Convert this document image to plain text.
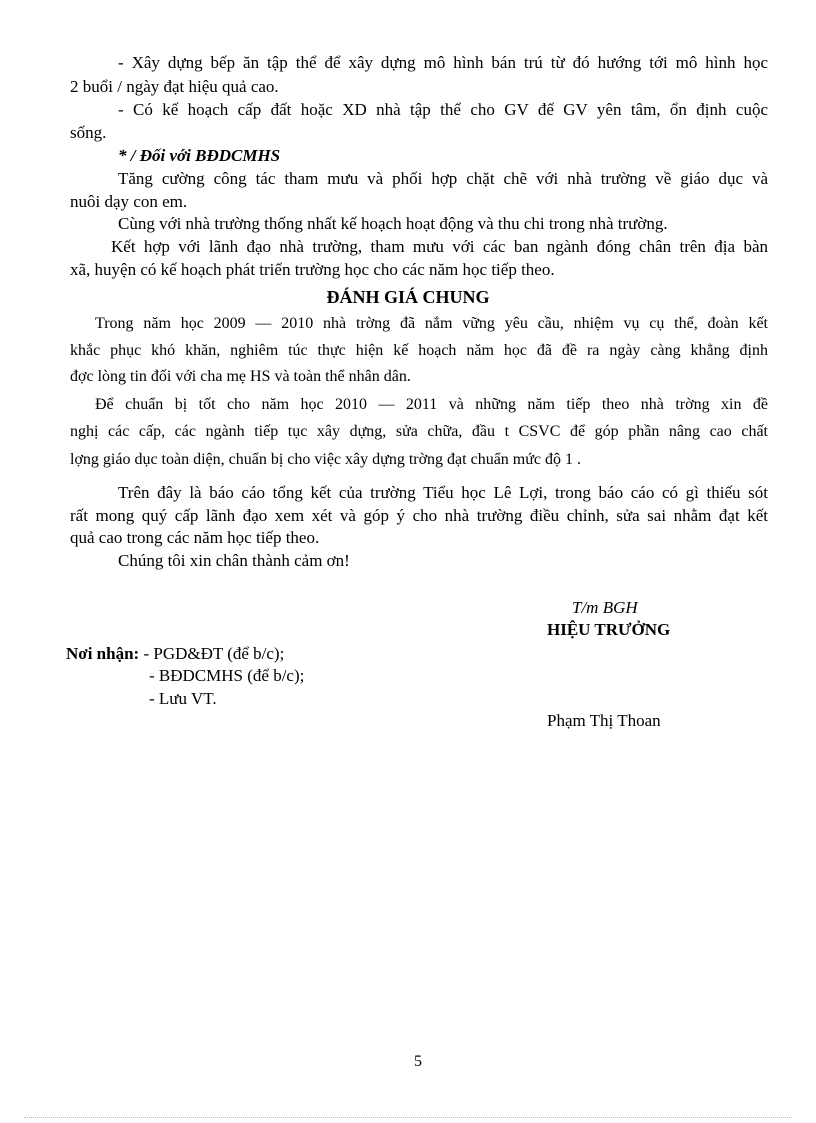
- Xây dựng bếp ăn tập thể để xây dựng mô hình bán trú từ đó hướng tới mô hình học
2 buổi / ngày đạt hiệu quả cao.
- Có kế hoạch cấp đất hoặc XD nhà tập thể cho GV để GV yên tâm, ổn định cuộc
sống.
* / Đối với BĐDCMHS
Tăng cường công tác tham mưu và phối hợp chặt chẽ với nhà trường về giáo dục và
nuôi dạy con em.
Cùng với nhà trường thống nhất kế hoạch hoạt động và thu chi trong nhà trường.
Kết hợp với lãnh đạo nhà trường, tham mưu với các ban ngành đóng chân trên địa bàn
xã, huyện có kế hoạch phát triển trường học cho các năm học tiếp theo.
ĐÁNH GIÁ CHUNG
Trong năm học 2009 — 2010 nhà trờng đã nắm vững yêu cầu, nhiệm vụ cụ thể, đoàn kết
khắc phục khó khăn, nghiêm túc thực hiện kế hoạch năm học đã đề ra ngày càng khẳng định
đợc lòng tin đối với cha mẹ HS và toàn thể nhân dân.
Để chuẩn bị tốt cho năm học 2010 — 2011 và những năm tiếp theo nhà trờng xin đề
nghị các cấp, các ngành tiếp tục xây dựng, sửa chữa, đầu t CSVC để góp phần nâng cao chất
lợng giáo dục toàn diện, chuẩn bị cho việc xây dựng trờng đạt chuẩn mức độ 1 .
Trên đây là báo cáo tổng kết của trường Tiểu học Lê Lợi, trong báo cáo có gì thiếu sót
rất mong quý cấp lãnh đạo xem xét và góp ý cho nhà trường điều chỉnh, sửa sai nhằm đạt kết
quả cao trong các năm học tiếp theo.
Chúng tôi xin chân thành cảm ơn!
T/m BGH
HIỆU TRƯỞNG
Nơi nhận: - PGD&ĐT (để b/c);
- BĐDCMHS (để b/c);
- Lưu VT.
Phạm Thị Thoan
5
